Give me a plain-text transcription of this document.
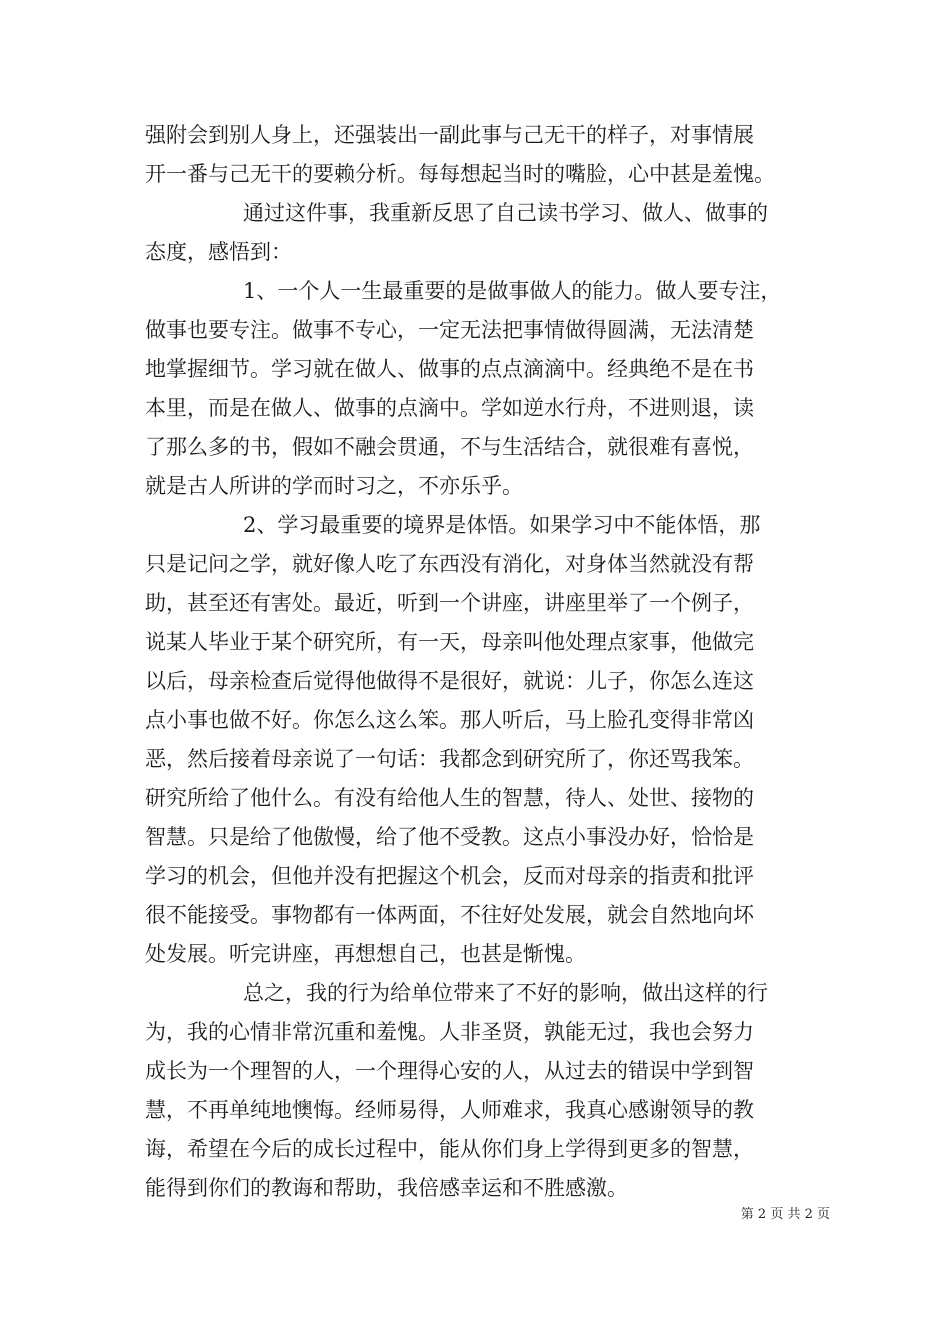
强附会到别人身上，还强装出一副此事与己无干的样子，对事情展
开一番与己无干的要赖分析。每每想起当时的嘴脸，心中甚是羞愧。
通过这件事，我重新反思了自己读书学习、做人、做事的
态度，感悟到：
1、一个人一生最重要的是做事做人的能力。做人要专注，
做事也要专注。做事不专心，一定无法把事情做得圆满，无法清楚
地掌握细节。学习就在做人、做事的点点滴滴中。经典绝不是在书
本里，而是在做人、做事的点滴中。学如逆水行舟，不进则退，读
了那么多的书，假如不融会贯通，不与生活结合，就很难有喜悦，
就是古人所讲的学而时习之，不亦乐乎。
2、学习最重要的境界是体悟。如果学习中不能体悟，那
只是记问之学，就好像人吃了东西没有消化，对身体当然就没有帮
助，甚至还有害处。最近，听到一个讲座，讲座里举了一个例子，
说某人毕业于某个研究所，有一天，母亲叫他处理点家事，他做完
以后，母亲检查后觉得他做得不是很好，就说：儿子，你怎么连这
点小事也做不好。你怎么这么笨。那人听后，马上脸孔变得非常凶
恶，然后接着母亲说了一句话：我都念到研究所了，你还骂我笨。
研究所给了他什么。有没有给他人生的智慧，待人、处世、接物的
智慧。只是给了他傲慢，给了他不受教。这点小事没办好，恰恰是
学习的机会，但他并没有把握这个机会，反而对母亲的指责和批评
很不能接受。事物都有一体两面，不往好处发展，就会自然地向坏
处发展。听完讲座，再想想自己，也甚是惭愧。
总之，我的行为给单位带来了不好的影响，做出这样的行
为，我的心情非常沉重和羞愧。人非圣贤，孰能无过，我也会努力
成长为一个理智的人，一个理得心安的人，从过去的错误中学到智
慧，不再单纯地懊悔。经师易得，人师难求，我真心感谢领导的教
诲，希望在今后的成长过程中，能从你们身上学得到更多的智慧，
能得到你们的教诲和帮助，我倍感幸运和不胜感激。
第 2 页 共 2 页
